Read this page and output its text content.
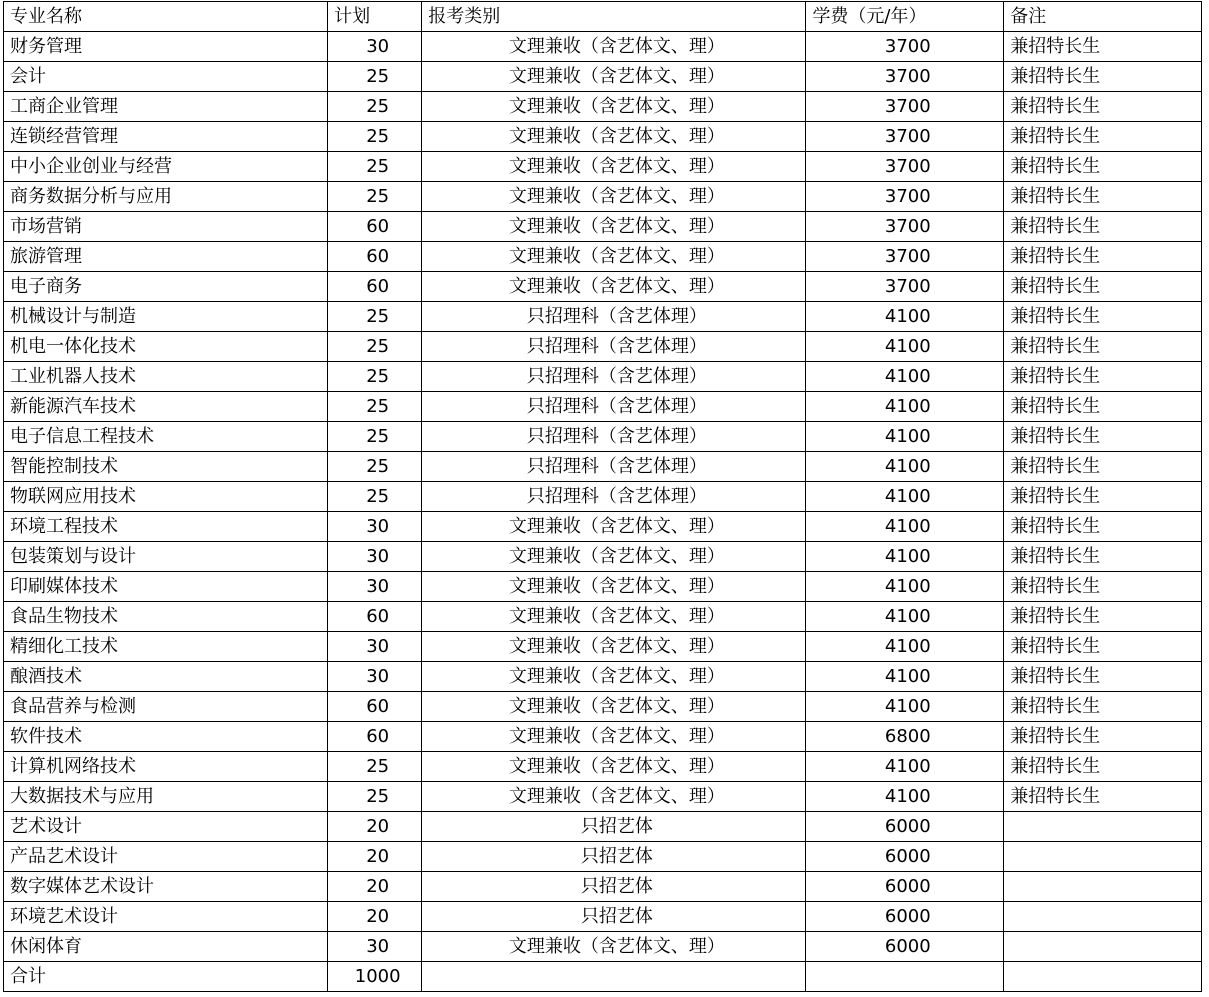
专业名称	计划	报考类别	学费（元/年）	备注
财务管理	30	文理兼收（含艺体文、理）	3700	兼招特长生
会计	25	文理兼收（含艺体文、理）	3700	兼招特长生
工商企业管理	25	文理兼收（含艺体文、理）	3700	兼招特长生
连锁经营管理	25	文理兼收（含艺体文、理）	3700	兼招特长生
中小企业创业与经营	25	文理兼收（含艺体文、理）	3700	兼招特长生
商务数据分析与应用	25	文理兼收（含艺体文、理）	3700	兼招特长生
市场营销	60	文理兼收（含艺体文、理）	3700	兼招特长生
旅游管理	60	文理兼收（含艺体文、理）	3700	兼招特长生
电子商务	60	文理兼收（含艺体文、理）	3700	兼招特长生
机械设计与制造	25	只招理科（含艺体理）	4100	兼招特长生
机电一体化技术	25	只招理科（含艺体理）	4100	兼招特长生
工业机器人技术	25	只招理科（含艺体理）	4100	兼招特长生
新能源汽车技术	25	只招理科（含艺体理）	4100	兼招特长生
电子信息工程技术	25	只招理科（含艺体理）	4100	兼招特长生
智能控制技术	25	只招理科（含艺体理）	4100	兼招特长生
物联网应用技术	25	只招理科（含艺体理）	4100	兼招特长生
环境工程技术	30	文理兼收（含艺体文、理）	4100	兼招特长生
包装策划与设计	30	文理兼收（含艺体文、理）	4100	兼招特长生
印刷媒体技术	30	文理兼收（含艺体文、理）	4100	兼招特长生
食品生物技术	60	文理兼收（含艺体文、理）	4100	兼招特长生
精细化工技术	30	文理兼收（含艺体文、理）	4100	兼招特长生
酿酒技术	30	文理兼收（含艺体文、理）	4100	兼招特长生
食品营养与检测	60	文理兼收（含艺体文、理）	4100	兼招特长生
软件技术	60	文理兼收（含艺体文、理）	6800	兼招特长生
计算机网络技术	25	文理兼收（含艺体文、理）	4100	兼招特长生
大数据技术与应用	25	文理兼收（含艺体文、理）	4100	兼招特长生
艺术设计	20	只招艺体	6000	
产品艺术设计	20	只招艺体	6000	
数字媒体艺术设计	20	只招艺体	6000	
环境艺术设计	20	只招艺体	6000	
休闲体育	30	文理兼收（含艺体文、理）	6000	
合计	1000			
